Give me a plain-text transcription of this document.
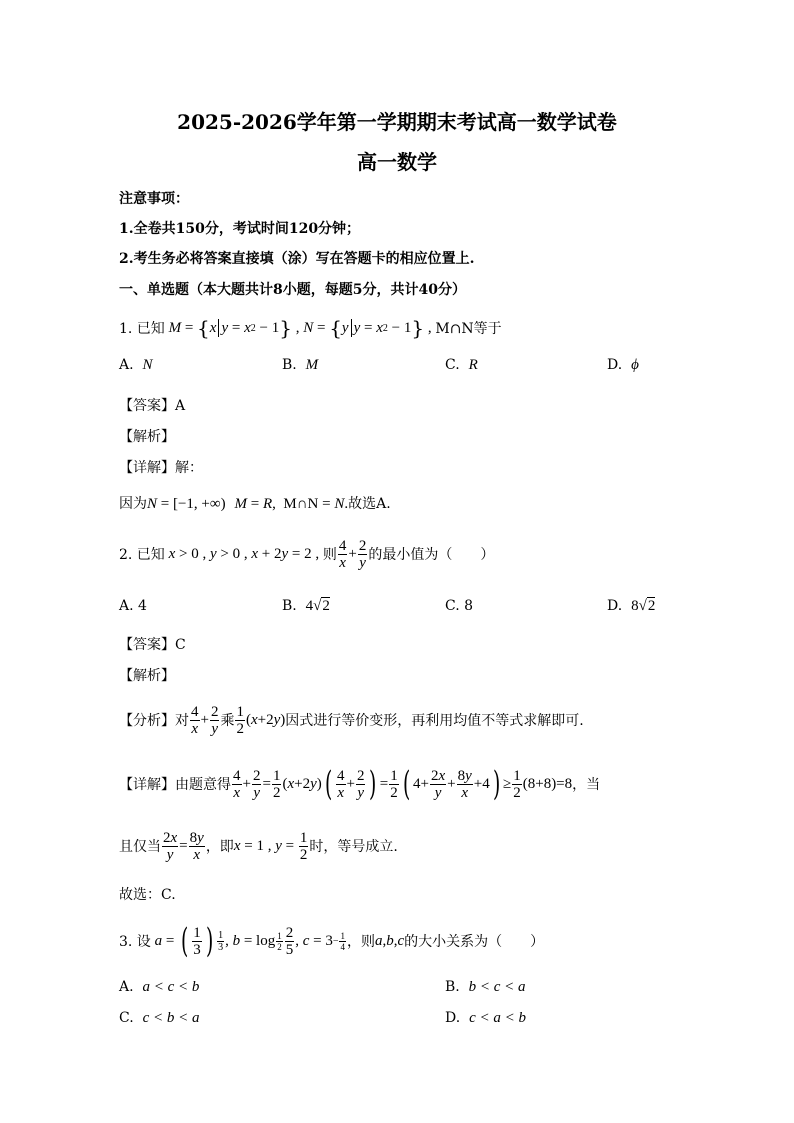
2025-2026学年第一学期期末考试高一数学试卷
高一数学
注意事项：
1.全卷共150分，考试时间120分钟；
2.考生务必将答案直接填（涂）写在答题卡的相应位置上.
一、单选题（本大题共计8小题，每题5分，共计40分）
1. 已知 M = { x y = x 2 − 1 } , N = { y y = x 2 − 1 } , M∩N等于
A. N	B. M	C. R	D. ϕ
【答案】A
【解析】
【详解】解：
因为N = [−1, +∞) M = R,  M∩N = N.故选A.
2. 已知 x > 0 , y > 0 , x + 2 y = 2 , 则 $\frac{4}{x} + \frac{2}{y}$ 的最小值为（　　）
A. 4	B. 4√2	C. 8	D. 8√2
【答案】C
【解析】
【分析】 对 $\frac{4}{x} + \frac{2}{y}$ 乘 $\frac{1}{2}$ ( x +2 y ) 因式进行等价变形，再利用均值不等式求解即可.
【详解】 由题意得 $\frac{4}{x} + \frac{2}{y} = \frac{1}{2}$ ( x +2 y ) ( $\frac{4}{x} + \frac{2}{y}$ ) = $\frac{1}{2}$ ( $4+ \frac{2x}{y} + \frac{8y}{x} +4$ ) ≥ $\frac{1}{2} (8+8)=8$ ，当
且仅当 $\frac{2x}{y} = \frac{8y}{x}$ ，即 x = 1 , $y = \frac{1}{2}$ 时，等号成立.
故选：C.
3. 设 a = ( $\frac{1}{3}$ ) $\frac{1}{3}$ , $b = \log \frac{1}{2} \frac{2}{5}$ , $c = 3 - \frac{1}{4}$ ，则 a , b , c 的大小关系为（　　）
A. a < c < b	B. b < c < a
C. c < b < a	D. c < a < b
